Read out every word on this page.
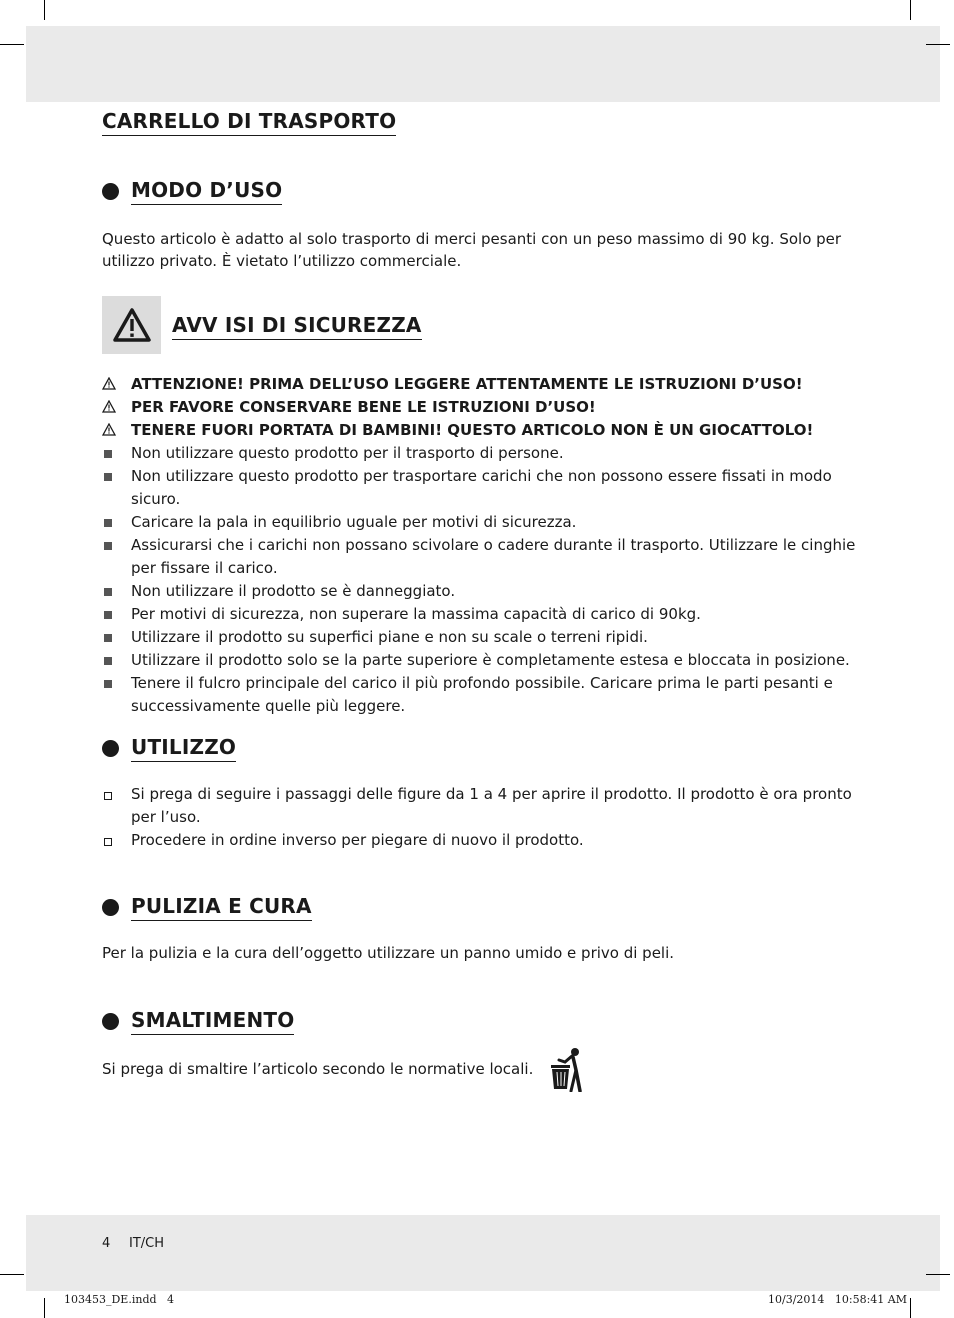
CARRELLO DI TRASPORTO
MODO D’USO

Questo articolo è adatto al solo trasporto di merci pesanti con un peso massimo di 90 kg. Solo per utilizzo privato. È vietato l’utilizzo commerciale.

AVV ISI DI SICUREZZA
ATTENZIONE! PRIMA DELL’USO LEGGERE ATTENTAMENTE LE ISTRUZIONI D’USO!
PER FAVORE CONSERVARE BENE LE ISTRUZIONI D’USO!
TENERE FUORI PORTATA DI BAMBINI! QUESTO ARTICOLO NON È UN GIOCATTOLO!
Non utilizzare questo prodotto per il trasporto di persone.
Non utilizzare questo prodotto per trasportare carichi che non possono essere fissati in modo sicuro.
Caricare la pala in equilibrio uguale per motivi di sicurezza.
Assicurarsi che i carichi non possano scivolare o cadere durante il trasporto. Utilizzare le cinghie per fissare il carico.
Non utilizzare il prodotto se è danneggiato.
Per motivi di sicurezza, non superare la massima capacità di carico di 90kg.
Utilizzare il prodotto su superfici piane e non su scale o terreni ripidi.
Utilizzare il prodotto solo se la parte superiore è completamente estesa e bloccata in posizione.
Tenere il fulcro principale del carico il più profondo possibile. Caricare prima le parti pesanti e successivamente quelle più leggere.
UTILIZZO
Si prega di seguire i passaggi delle figure da 1 a 4 per aprire il prodotto. Il prodotto è ora pronto per l’uso.
Procedere in ordine inverso per piegare di nuovo il prodotto.
PULIZIA E CURA

Per la pulizia e la cura dell’oggetto utilizzare un panno umido e privo di peli.

SMALTIMENTO

Si prega di smaltire l’articolo secondo le normative locali.

4 IT/CH
103453_DE.indd   4	10/3/2014   10:58:41 AM
